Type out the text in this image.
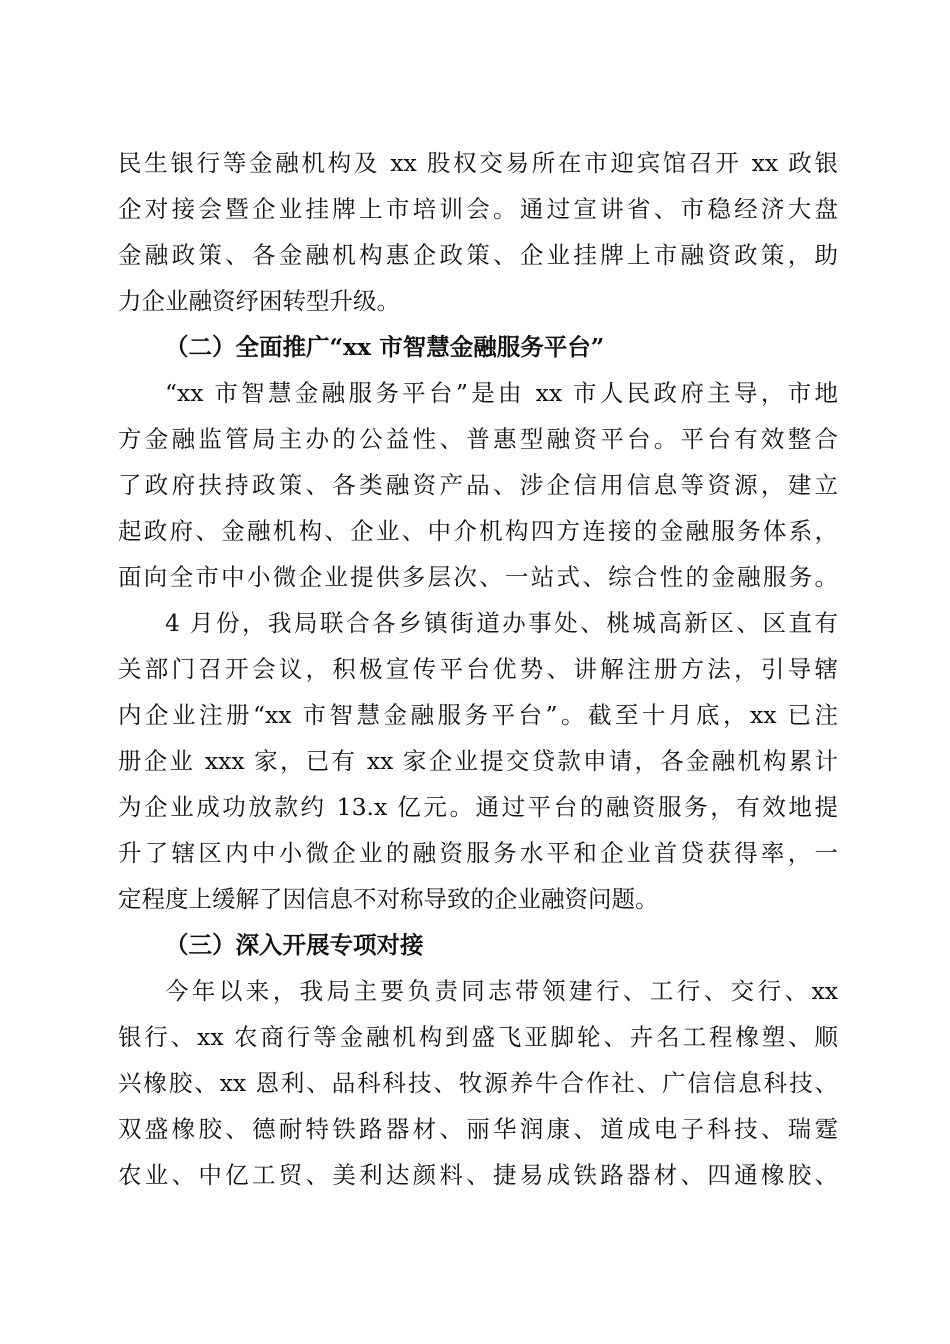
民生银行等金融机构及 xx 股权交易所在市迎宾馆召开 xx 政银
企对接会暨企业挂牌上市培训会。通过宣讲省、市稳经济大盘
金融政策、各金融机构惠企政策、企业挂牌上市融资政策，助
力企业融资纾困转型升级。
（二）全面推广“xx 市智慧金融服务平台”
“xx 市智慧金融服务平台”是由 xx 市人民政府主导，市地
方金融监管局主办的公益性、普惠型融资平台。平台有效整合
了政府扶持政策、各类融资产品、涉企信用信息等资源，建立
起政府、金融机构、企业、中介机构四方连接的金融服务体系，
面向全市中小微企业提供多层次、一站式、综合性的金融服务。
4 月份，我局联合各乡镇街道办事处、桃城高新区、区直有
关部门召开会议，积极宣传平台优势、讲解注册方法，引导辖
内企业注册“xx 市智慧金融服务平台”。截至十月底，xx 已注
册企业 xxx 家，已有 xx 家企业提交贷款申请，各金融机构累计
为企业成功放款约 13.x 亿元。通过平台的融资服务，有效地提
升了辖区内中小微企业的融资服务水平和企业首贷获得率，一
定程度上缓解了因信息不对称导致的企业融资问题。
（三）深入开展专项对接
今年以来，我局主要负责同志带领建行、工行、交行、xx
银行、xx 农商行等金融机构到盛飞亚脚轮、卉名工程橡塑、顺
兴橡胶、xx 恩利、品科科技、牧源养牛合作社、广信信息科技、
双盛橡胶、德耐特铁路器材、丽华润康、道成电子科技、瑞霆
农业、中亿工贸、美利达颜料、捷易成铁路器材、四通橡胶、
